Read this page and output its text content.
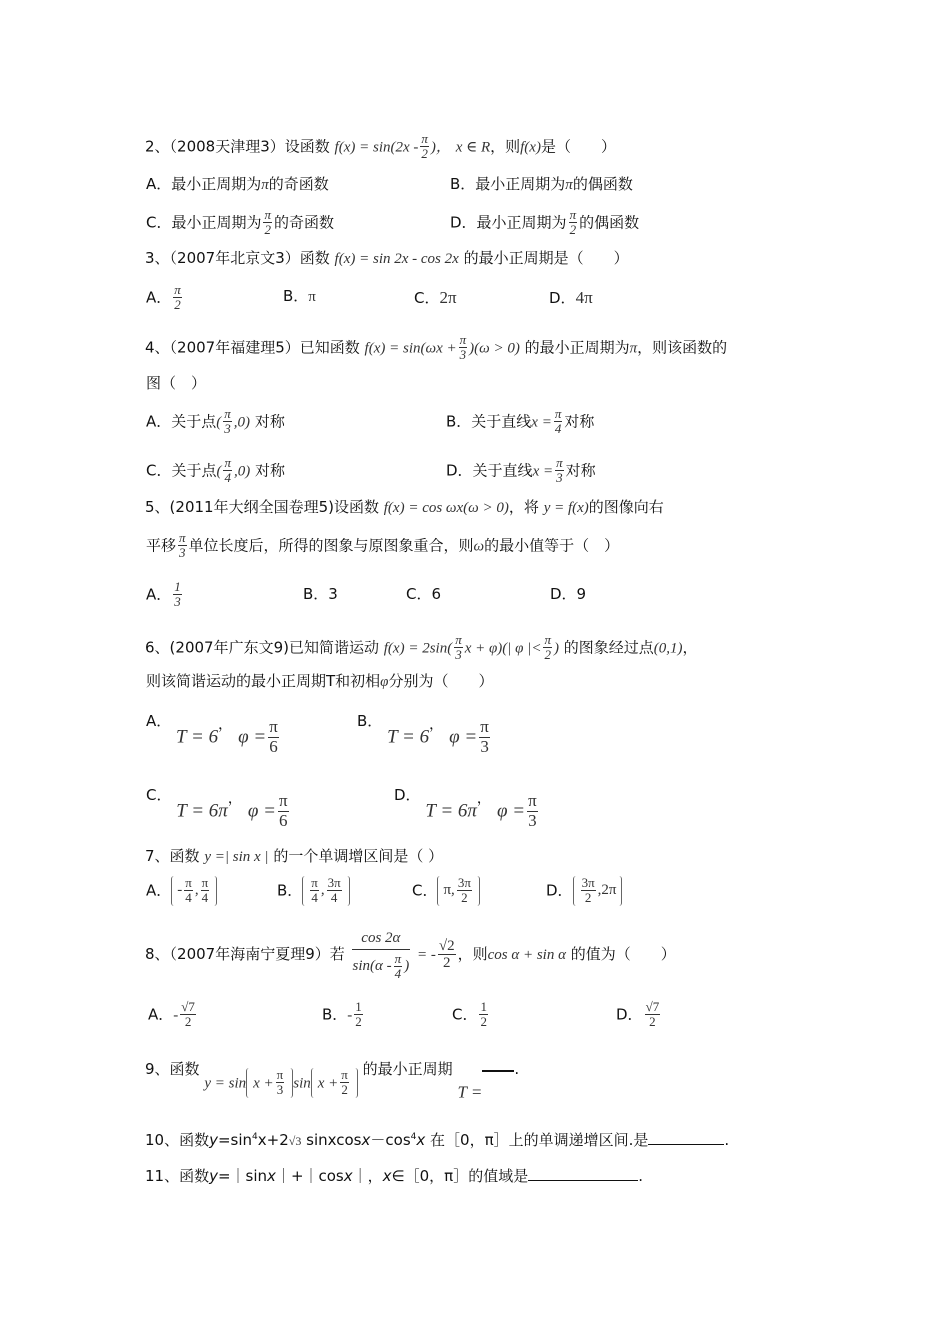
2、（2008天津理3）设函数 $f(x) = \sin(2x - \frac{\pi}{2}$ )， x ∈ R，则f(x)是（　　）
A．最小正周期为π的奇函数	B．最小正周期为π的偶函数
C．最小正周期为 $\frac{\pi}{2}$ 的奇函数	D．最小正周期为 $\frac{\pi}{2}$ 的偶函数
3、（2007年北京文3）函数 f(x) = sin 2x - cos 2x 的最小正周期是（　　）
A． $\frac{\pi}{2}$	B．π	C．2π	D．4π
4、（2007年福建理5）已知函数 $f(x) = \sin(\omega x + \frac{\pi}{3} )(\omega > 0)$ 的最小正周期为π，则该函数的
图（　）
A．关于点( $\frac{\pi}{3} ,0$) 对称	B．关于直线$x = \frac{\pi}{4}$ 对称
C．关于点( $\frac{\pi}{4} ,0$) 对称	D．关于直线$x = \frac{\pi}{3}$ 对称
5、(2011年大纲全国卷理5)设函数 f(x) = cos ωx(ω > 0)，将 y = f(x)的图像向右
平移 $\frac{\pi}{3}$ 单位长度后，所得的图象与原图象重合，则ω的最小值等于（　）
A． $\frac{1}{3}$	B．3	C．6	D．9
6、(2007年广东文9)已知简谐运动 $f(x) = 2\sin( \frac{\pi}{3}$ x + φ)(| φ |< $\frac{\pi}{2}$ ) 的图象经过点(0,1)，
则该简谐运动的最小正周期T和初相φ分别为（　　）
A． T = 6， $\varphi = \frac{\pi}{6}$	B． T = 6， $\varphi = \frac{\pi}{3}$
C． T = 6π， $\varphi = \frac{\pi}{6}$	D． T = 6π， $\varphi = \frac{\pi}{3}$
7、函数 y =| sin x | 的一个单调增区间是（ ）
A． - $\frac{\pi}{4}$ , $\frac{\pi}{4}$	B． $\frac{\pi}{4}$ , $\frac{3\pi}{4}$	C． π, $\frac{3\pi}{2}$	D． $\frac{3\pi}{2} ,2\pi$
8、（2007年海南宁夏理9）若 $\frac{\cos 2\alpha}{\sin(\alpha - \frac{\pi}{4} )}$ = - $\frac{√2}{2}$ ，则cos α + sin α 的值为（　　）
A．- $\frac{√7}{2}$	B．- $\frac{1}{2}$	C． $\frac{1}{2}$	D． $\frac{√7}{2}$
9、函数 $y = \sin x + \frac{\pi}{3}$ $\sin x + \frac{\pi}{2}$ 的最小正周期 T =.
10、函数$y=\sin^4x+2√3$ $sinxcosx-\cos^4x$ 在［0，π］上的单调递增区间.是	.
11、函数y=｜sinx｜+｜cosx｜，x∈［0，π］的值域是	.
